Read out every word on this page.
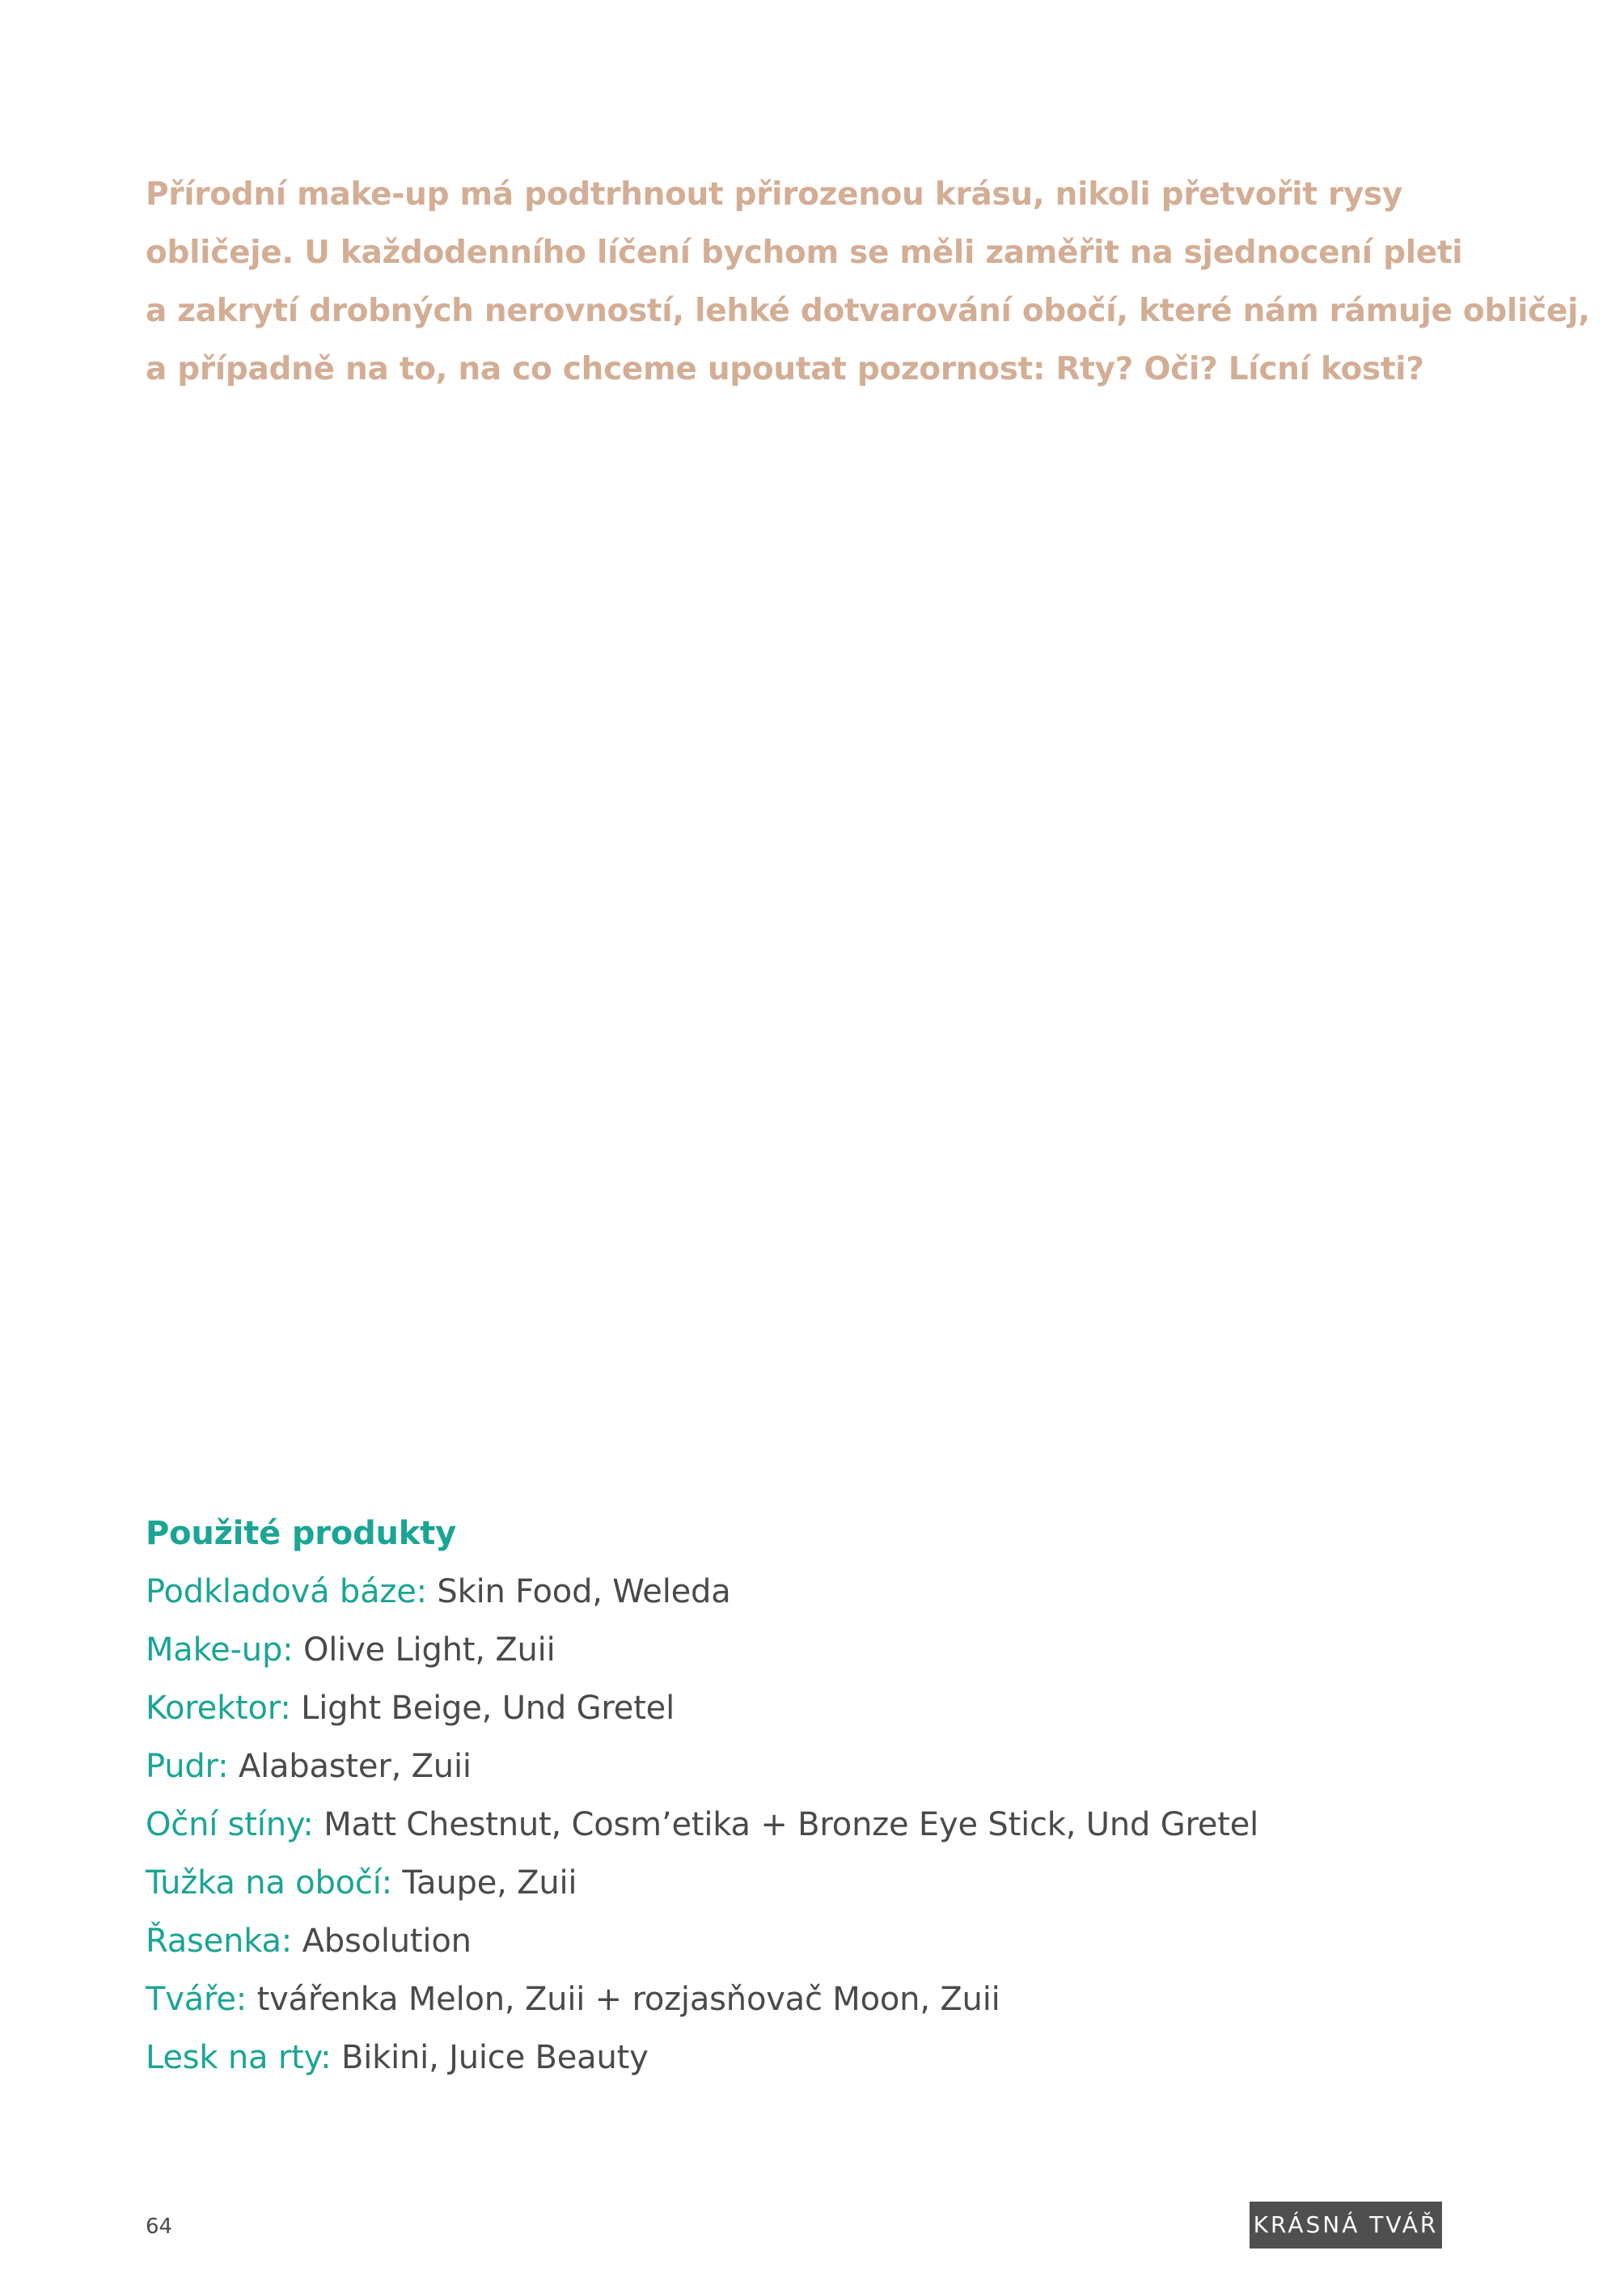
Přírodní make-up má podtrhnout přirozenou krásu, nikoli přetvořit rysy
obličeje. U každodenního líčení bychom se měli zaměřit na sjednocení pleti
a zakrytí drobných nerovností, lehké dotvarování obočí, které nám rámuje obličej,
a případně na to, na co chceme upoutat pozornost: Rty? Oči? Lícní kosti?

Použité produkty
Podkladová báze: Skin Food, Weleda
Make-up: Olive Light, Zuii
Korektor: Light Beige, Und Gretel
Pudr: Alabaster, Zuii
Oční stíny: Matt Chestnut, Cosm’etika + Bronze Eye Stick, Und Gretel
Tužka na obočí: Taupe, Zuii
Řasenka: Absolution
Tváře: tvářenka Melon, Zuii + rozjasňovač Moon, Zuii
Lesk na rty: Bikini, Juice Beauty
64	KRÁSNÁ TVÁŘ
